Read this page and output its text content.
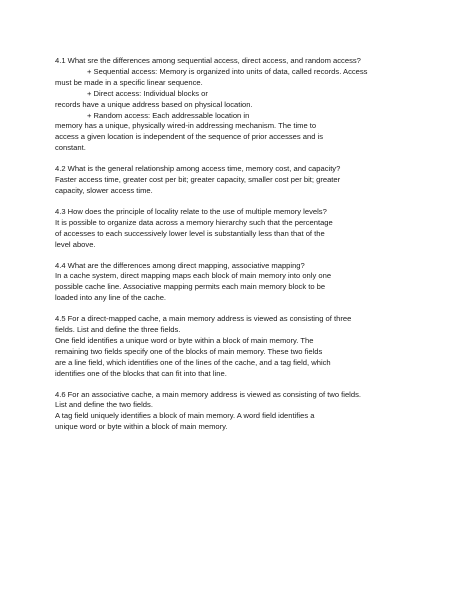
4.1 What sre the differences among sequential access, direct access, and random access?
+ Sequential access: Memory is organized into units of data, called records. Access
must be made in a specific linear sequence.
+ Direct access: Individual blocks or
records have a unique address based on physical location.
+ Random access: Each addressable location in
memory has a unique, physically wired-in addressing mechanism. The time to
access a given location is independent of the sequence of prior accesses and is
constant.
4.2 What is the general relationship among access time, memory cost, and capacity?
Faster access time, greater cost per bit; greater capacity, smaller cost per bit; greater
capacity, slower access time.
4.3 How does the principle of locality relate to the use of multiple memory levels?
It is possible to organize data across a memory hierarchy such that the percentage
of accesses to each successively lower level is substantially less than that of the
level above.
4.4 What are the differences among direct mapping, associative mapping?
In a cache system, direct mapping maps each block of main memory into only one
possible cache line. Associative mapping permits each main memory block to be
loaded into any line of the cache.
4.5 For a direct-mapped cache, a main memory address is viewed as consisting of three
fields. List and define the three fields.
One field identifies a unique word or byte within a block of main memory. The
remaining two fields specify one of the blocks of main memory. These two fields
are a line field, which identifies one of the lines of the cache, and a tag field, which
identifies one of the blocks that can fit into that line.
4.6 For an associative cache, a main memory address is viewed as consisting of two fields.
List and define the two fields.
A tag field uniquely identifies a block of main memory. A word field identifies a
unique word or byte within a block of main memory.
